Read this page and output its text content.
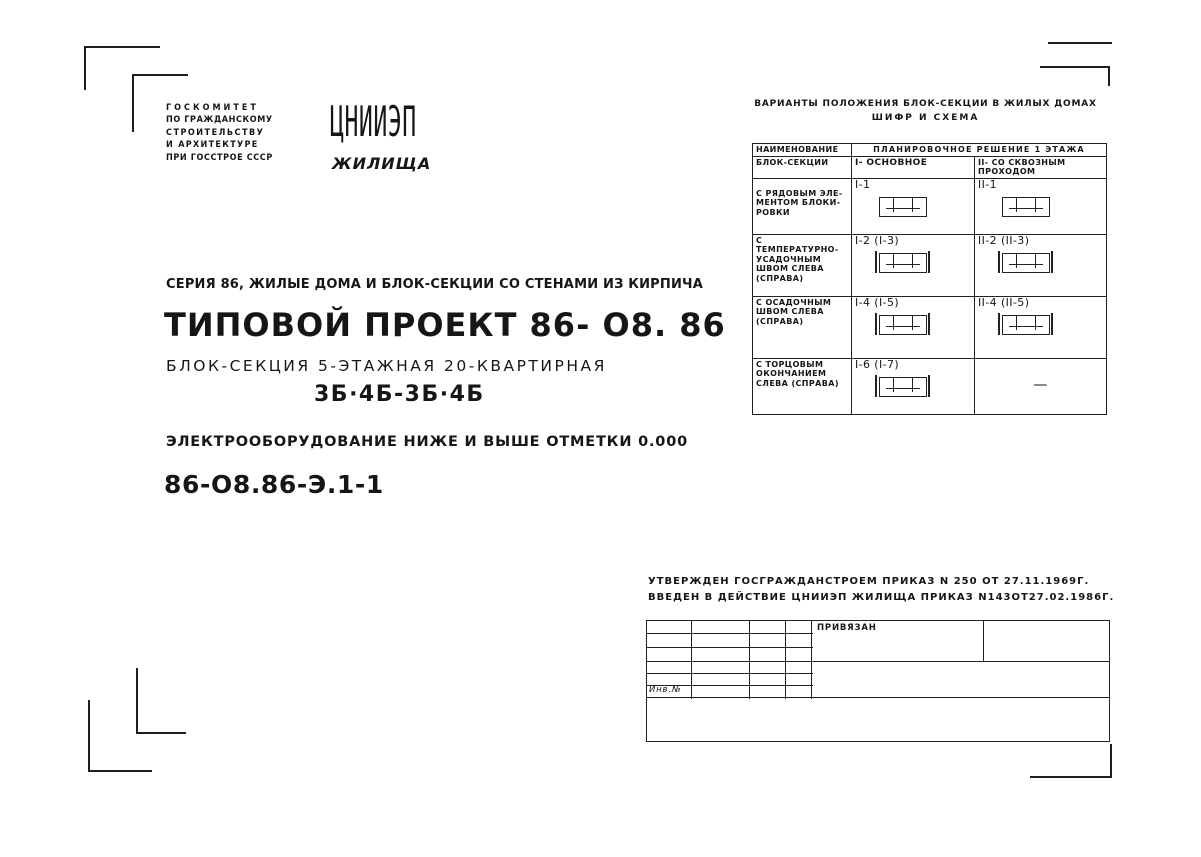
ГОСКОМИТЕТ
ПО ГРАЖДАНСКОМУ
СТРОИТЕЛЬСТВУ
И АРХИТЕКТУРЕ
ПРИ ГОССТРОЕ СССР
ЦНИИЭП
ЖИЛИЩА
СЕРИЯ 86, ЖИЛЫЕ ДОМА И БЛОК-СЕКЦИИ СО СТЕНАМИ ИЗ КИРПИЧА
ТИПОВОЙ ПРОЕКТ 86- О8. 86
БЛОК-СЕКЦИЯ 5-ЭТАЖНАЯ 20-КВАРТИРНАЯ
3Б·4Б-3Б·4Б
ЭЛЕКТРООБОРУДОВАНИЕ НИЖЕ И ВЫШЕ ОТМЕТКИ 0.000
86-О8.86-Э.1-1
ВАРИАНТЫ ПОЛОЖЕНИЯ БЛОК-СЕКЦИИ В ЖИЛЫХ ДОМАХ
ШИФР И СХЕМА
НАИМЕНОВАНИЕ	ПЛАНИРОВОЧНОЕ РЕШЕНИЕ 1 ЭТАЖА	
БЛОК-СЕКЦИИ	I- ОСНОВНОЕ	II- СО СКВОЗНЫМ ПРОХОДОМ
С РЯДОВЫМ ЭЛЕ-МЕНТОМ БЛОКИ-РОВКИ	I-1	II-1

С ТЕМПЕРАТУРНО-УСАДОЧНЫМ ШВОМ СЛЕВА (СПРАВА)	I-2 (I-3)	II-2 (II-3)

С ОСАДОЧНЫМ ШВОМ СЛЕВА (СПРАВА)	I-4 (I-5)	II-4 (II-5)

С ТОРЦОВЫМ ОКОНЧАНИЕМ СЛЕВА (СПРАВА)	I-6 (I-7)	—
УТВЕРЖДЕН ГОСГРАЖДАНСТРОЕМ ПРИКАЗ N 250 ОТ 27.11.1969Г.
ВВЕДЕН В ДЕЙСТВИЕ ЦНИИЭП ЖИЛИЩА ПРИКАЗ N143ОТ27.02.1986Г.
ПРИВЯЗАН
Инв.№
